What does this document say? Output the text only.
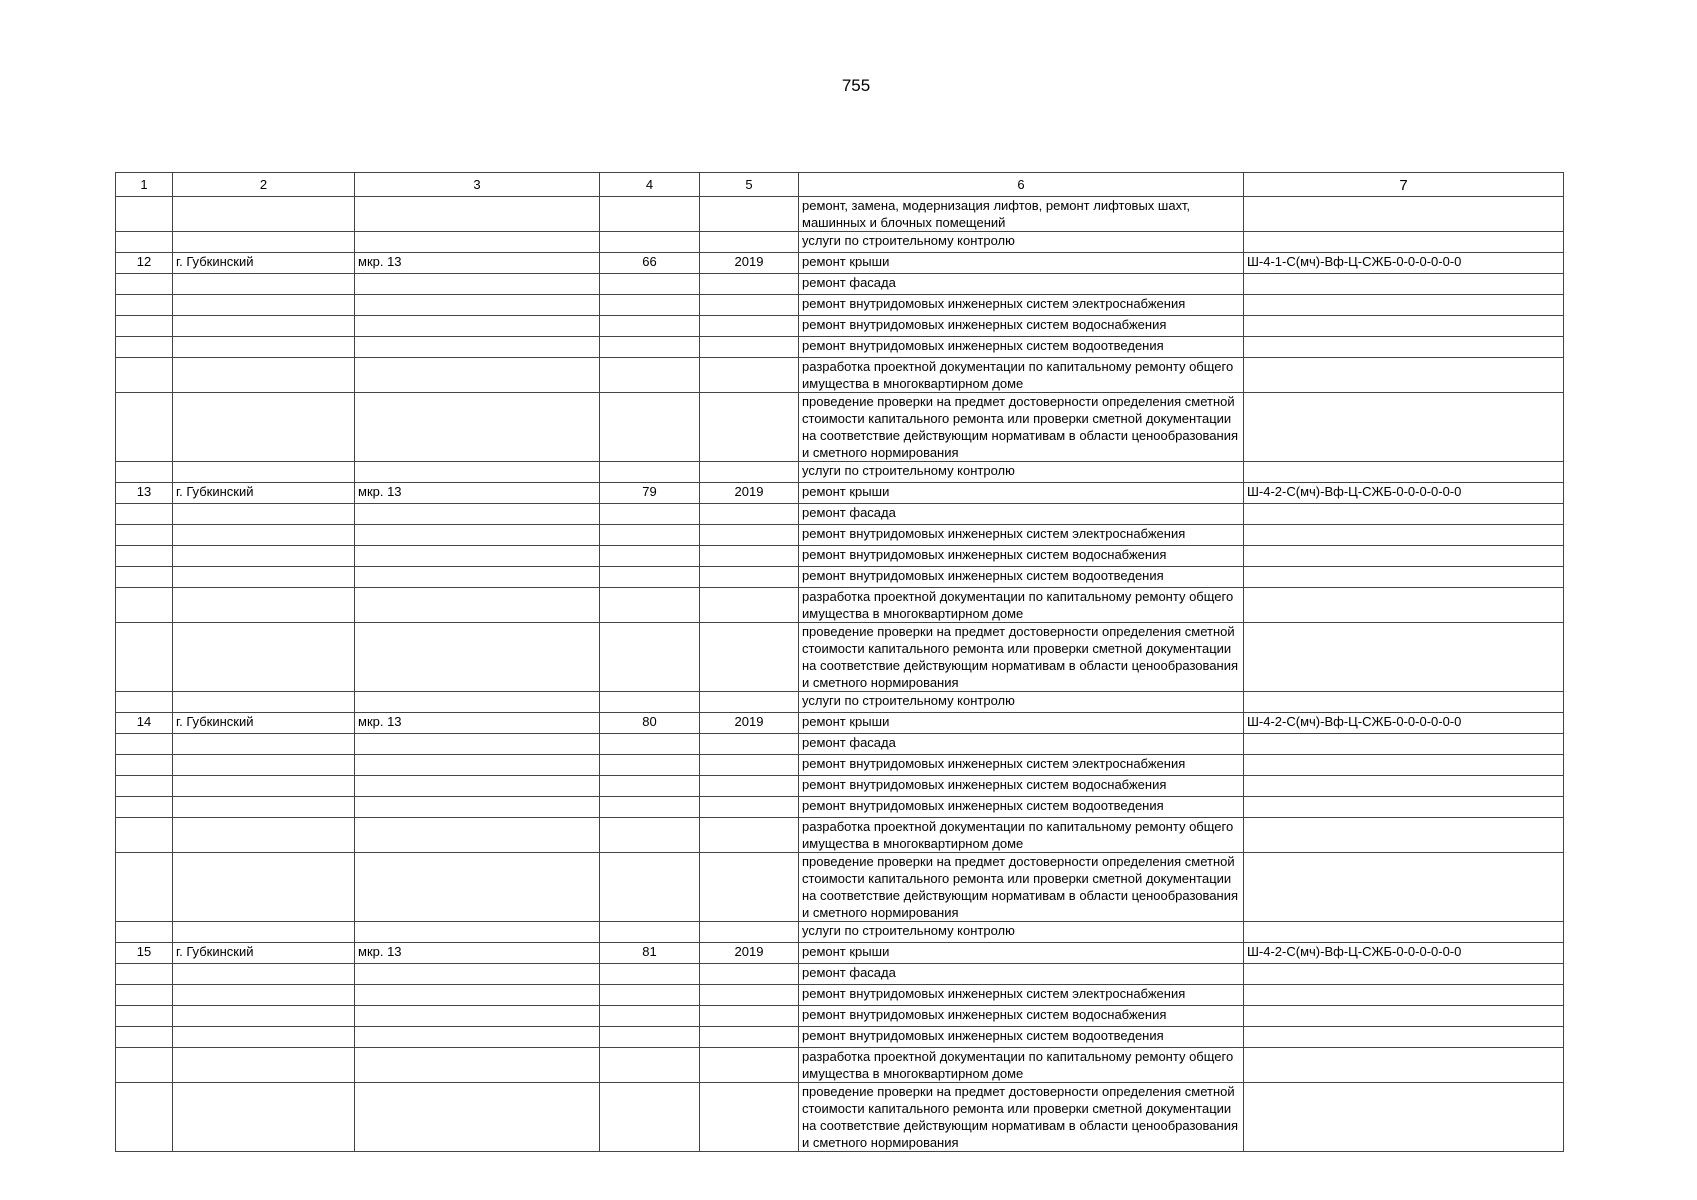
755
1	2	3	4	5	6	7
					ремонт, замена, модернизация лифтов, ремонт лифтовых шахт, машинных и блочных помещений	
					услуги по строительному контролю	
12	г. Губкинский	мкр. 13	66	2019	ремонт крыши	Ш-4-1-С(мч)-Вф-Ц-СЖБ-0-0-0-0-0-0
					ремонт фасада	
					ремонт внутридомовых инженерных систем электроснабжения	
					ремонт внутридомовых инженерных систем водоснабжения	
					ремонт внутридомовых инженерных систем водоотведения	
					разработка проектной документации по капитальному ремонту общего имущества в многоквартирном доме	
					проведение проверки на предмет достоверности определения сметной стоимости капитального ремонта или проверки сметной документации на соответствие действующим нормативам в области ценообразования и сметного нормирования	
					услуги по строительному контролю	
13	г. Губкинский	мкр. 13	79	2019	ремонт крыши	Ш-4-2-С(мч)-Вф-Ц-СЖБ-0-0-0-0-0-0
					ремонт фасада	
					ремонт внутридомовых инженерных систем электроснабжения	
					ремонт внутридомовых инженерных систем водоснабжения	
					ремонт внутридомовых инженерных систем водоотведения	
					разработка проектной документации по капитальному ремонту общего имущества в многоквартирном доме	
					проведение проверки на предмет достоверности определения сметной стоимости капитального ремонта или проверки сметной документации на соответствие действующим нормативам в области ценообразования и сметного нормирования	
					услуги по строительному контролю	
14	г. Губкинский	мкр. 13	80	2019	ремонт крыши	Ш-4-2-С(мч)-Вф-Ц-СЖБ-0-0-0-0-0-0
					ремонт фасада	
					ремонт внутридомовых инженерных систем электроснабжения	
					ремонт внутридомовых инженерных систем водоснабжения	
					ремонт внутридомовых инженерных систем водоотведения	
					разработка проектной документации по капитальному ремонту общего имущества в многоквартирном доме	
					проведение проверки на предмет достоверности определения сметной стоимости капитального ремонта или проверки сметной документации на соответствие действующим нормативам в области ценообразования и сметного нормирования	
					услуги по строительному контролю	
15	г. Губкинский	мкр. 13	81	2019	ремонт крыши	Ш-4-2-С(мч)-Вф-Ц-СЖБ-0-0-0-0-0-0
					ремонт фасада	
					ремонт внутридомовых инженерных систем электроснабжения	
					ремонт внутридомовых инженерных систем водоснабжения	
					ремонт внутридомовых инженерных систем водоотведения	
					разработка проектной документации по капитальному ремонту общего имущества в многоквартирном доме	
					проведение проверки на предмет достоверности определения сметной стоимости капитального ремонта или проверки сметной документации на соответствие действующим нормативам в области ценообразования и сметного нормирования	
